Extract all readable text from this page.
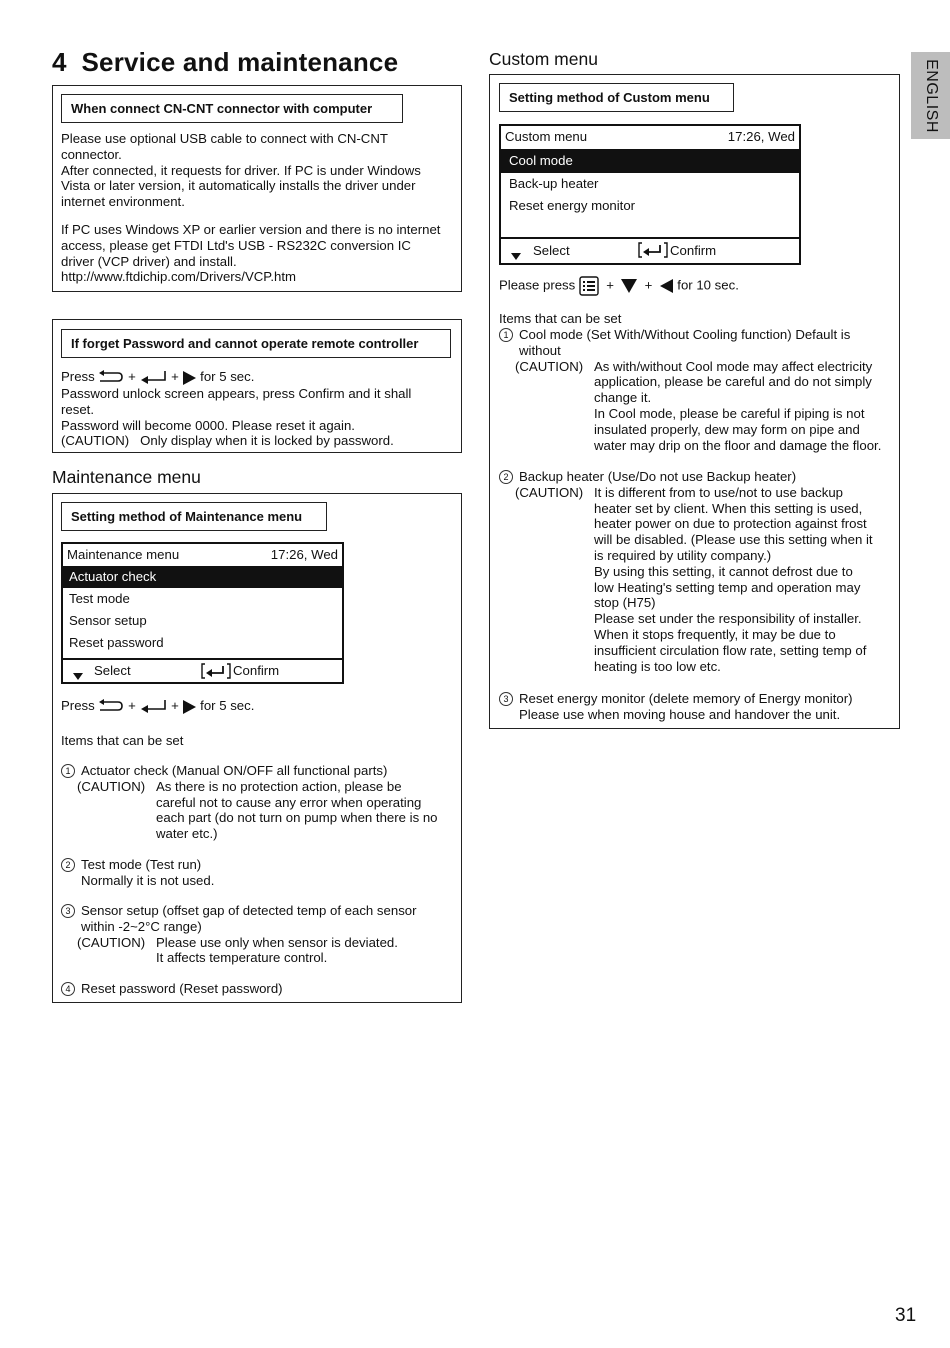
4  Service and maintenance	ENGLISH
When connect CN-CNT connector with computer
Please use optional USB cable to connect with CN-CNT
connector.
After connected, it requests for driver. If PC is under Windows
Vista or later version, it automatically installs the driver under
internet environment.
If PC uses Windows XP or earlier version and there is no internet
access, please get FTDI Ltd's USB - RS232C conversion IC
driver (VCP driver) and install.
http://www.ftdichip.com/Drivers/VCP.htm
If forget Password and cannot operate remote controller
Press	+	+ for 5 sec.
Password unlock screen appears, press Confirm and it shall
reset.
Password will become 0000. Please reset it again.
(CAUTION) Only display when it is locked by password.
Maintenance menu
Setting method of Maintenance menu
Maintenance menu	17:26, Wed
Actuator check
Test mode
Sensor setup
Reset password
Select	Confirm
Press	+	+ for 5 sec.
Items that can be set
1 Actuator check (Manual ON/OFF all functional parts)
(CAUTION) As there is no protection action, please be
careful not to cause any error when operating
each part (do not turn on pump when there is no
water etc.)
2 Test mode (Test run)
Normally it is not used.
3 Sensor setup (offset gap of detected temp of each sensor
within -2~2°C range)
(CAUTION) Please use only when sensor is deviated.
It affects temperature control.
4 Reset password (Reset password)
Custom menu
Setting method of Custom menu
Custom menu	17:26, Wed
Cool mode
Back-up heater
Reset energy monitor
Select	Confirm
Please press + + for 10 sec.
Items that can be set
1 Cool mode (Set With/Without Cooling function) Default is
without
(CAUTION) As with/without Cool mode may affect electricity
application, please be careful and do not simply
change it.
In Cool mode, please be careful if piping is not
insulated properly, dew may form on pipe and
water may drip on the floor and damage the floor.
2 Backup heater (Use/Do not use Backup heater)
(CAUTION) It is different from to use/not to use backup
heater set by client. When this setting is used,
heater power on due to protection against frost
will be disabled. (Please use this setting when it
is required by utility company.)
By using this setting, it cannot defrost due to
low Heating's setting temp and operation may
stop (H75)
Please set under the responsibility of installer.
When it stops frequently, it may be due to
insufficient circulation flow rate, setting temp of
heating is too low etc.
3 Reset energy monitor (delete memory of Energy monitor)
Please use when moving house and handover the unit.
31
